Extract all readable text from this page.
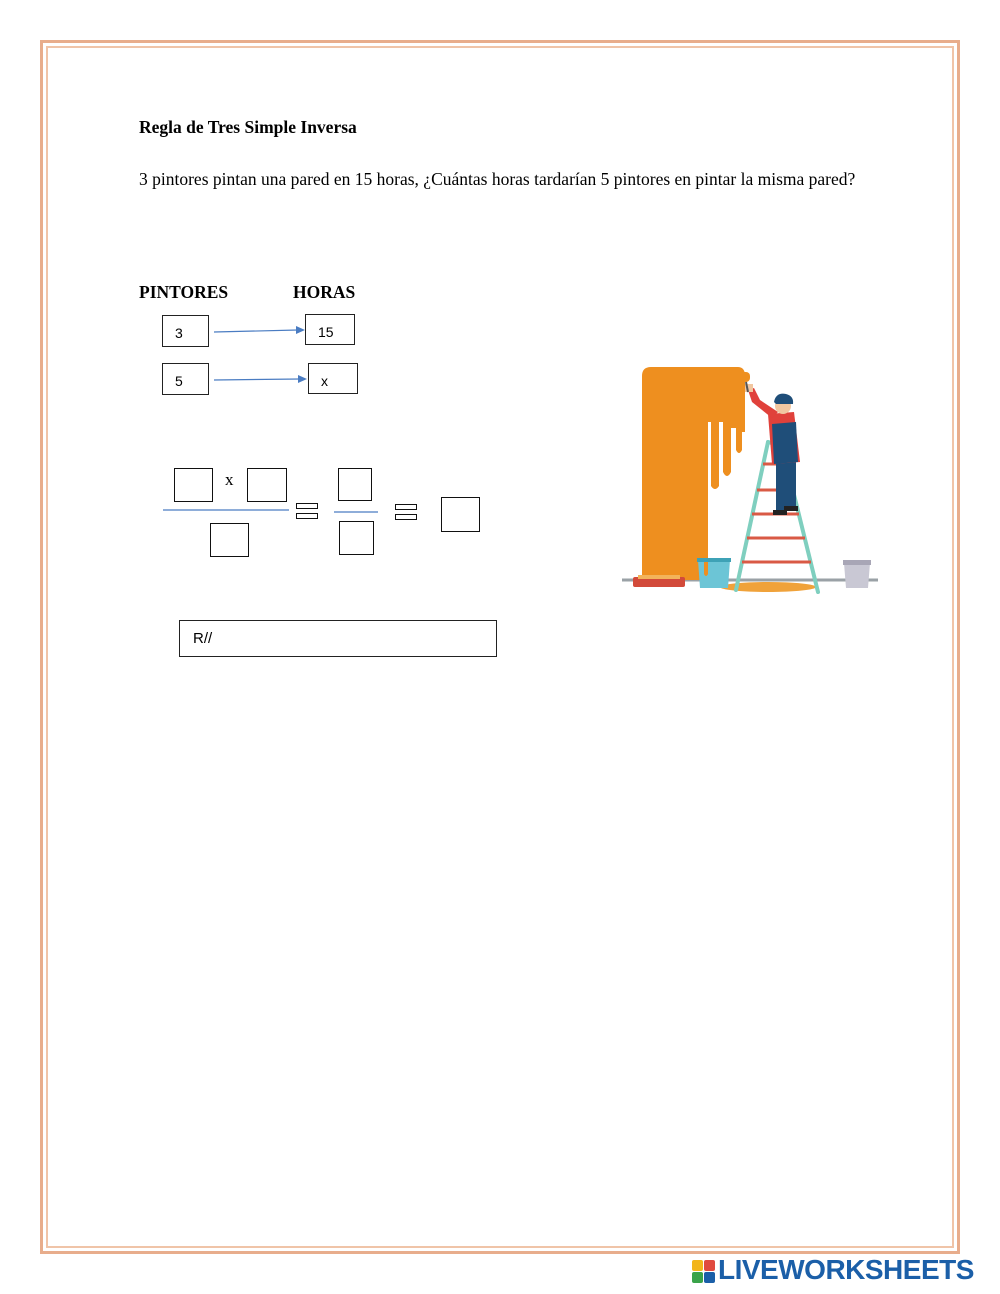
Regla de Tres Simple Inversa
3 pintores pintan una pared en 15 horas, ¿Cuántas horas tardarían 5 pintores en pintar la misma pared?
PINTORES	HORAS
3	15
5	x
x
R//
LIVEWORKSHEETS
